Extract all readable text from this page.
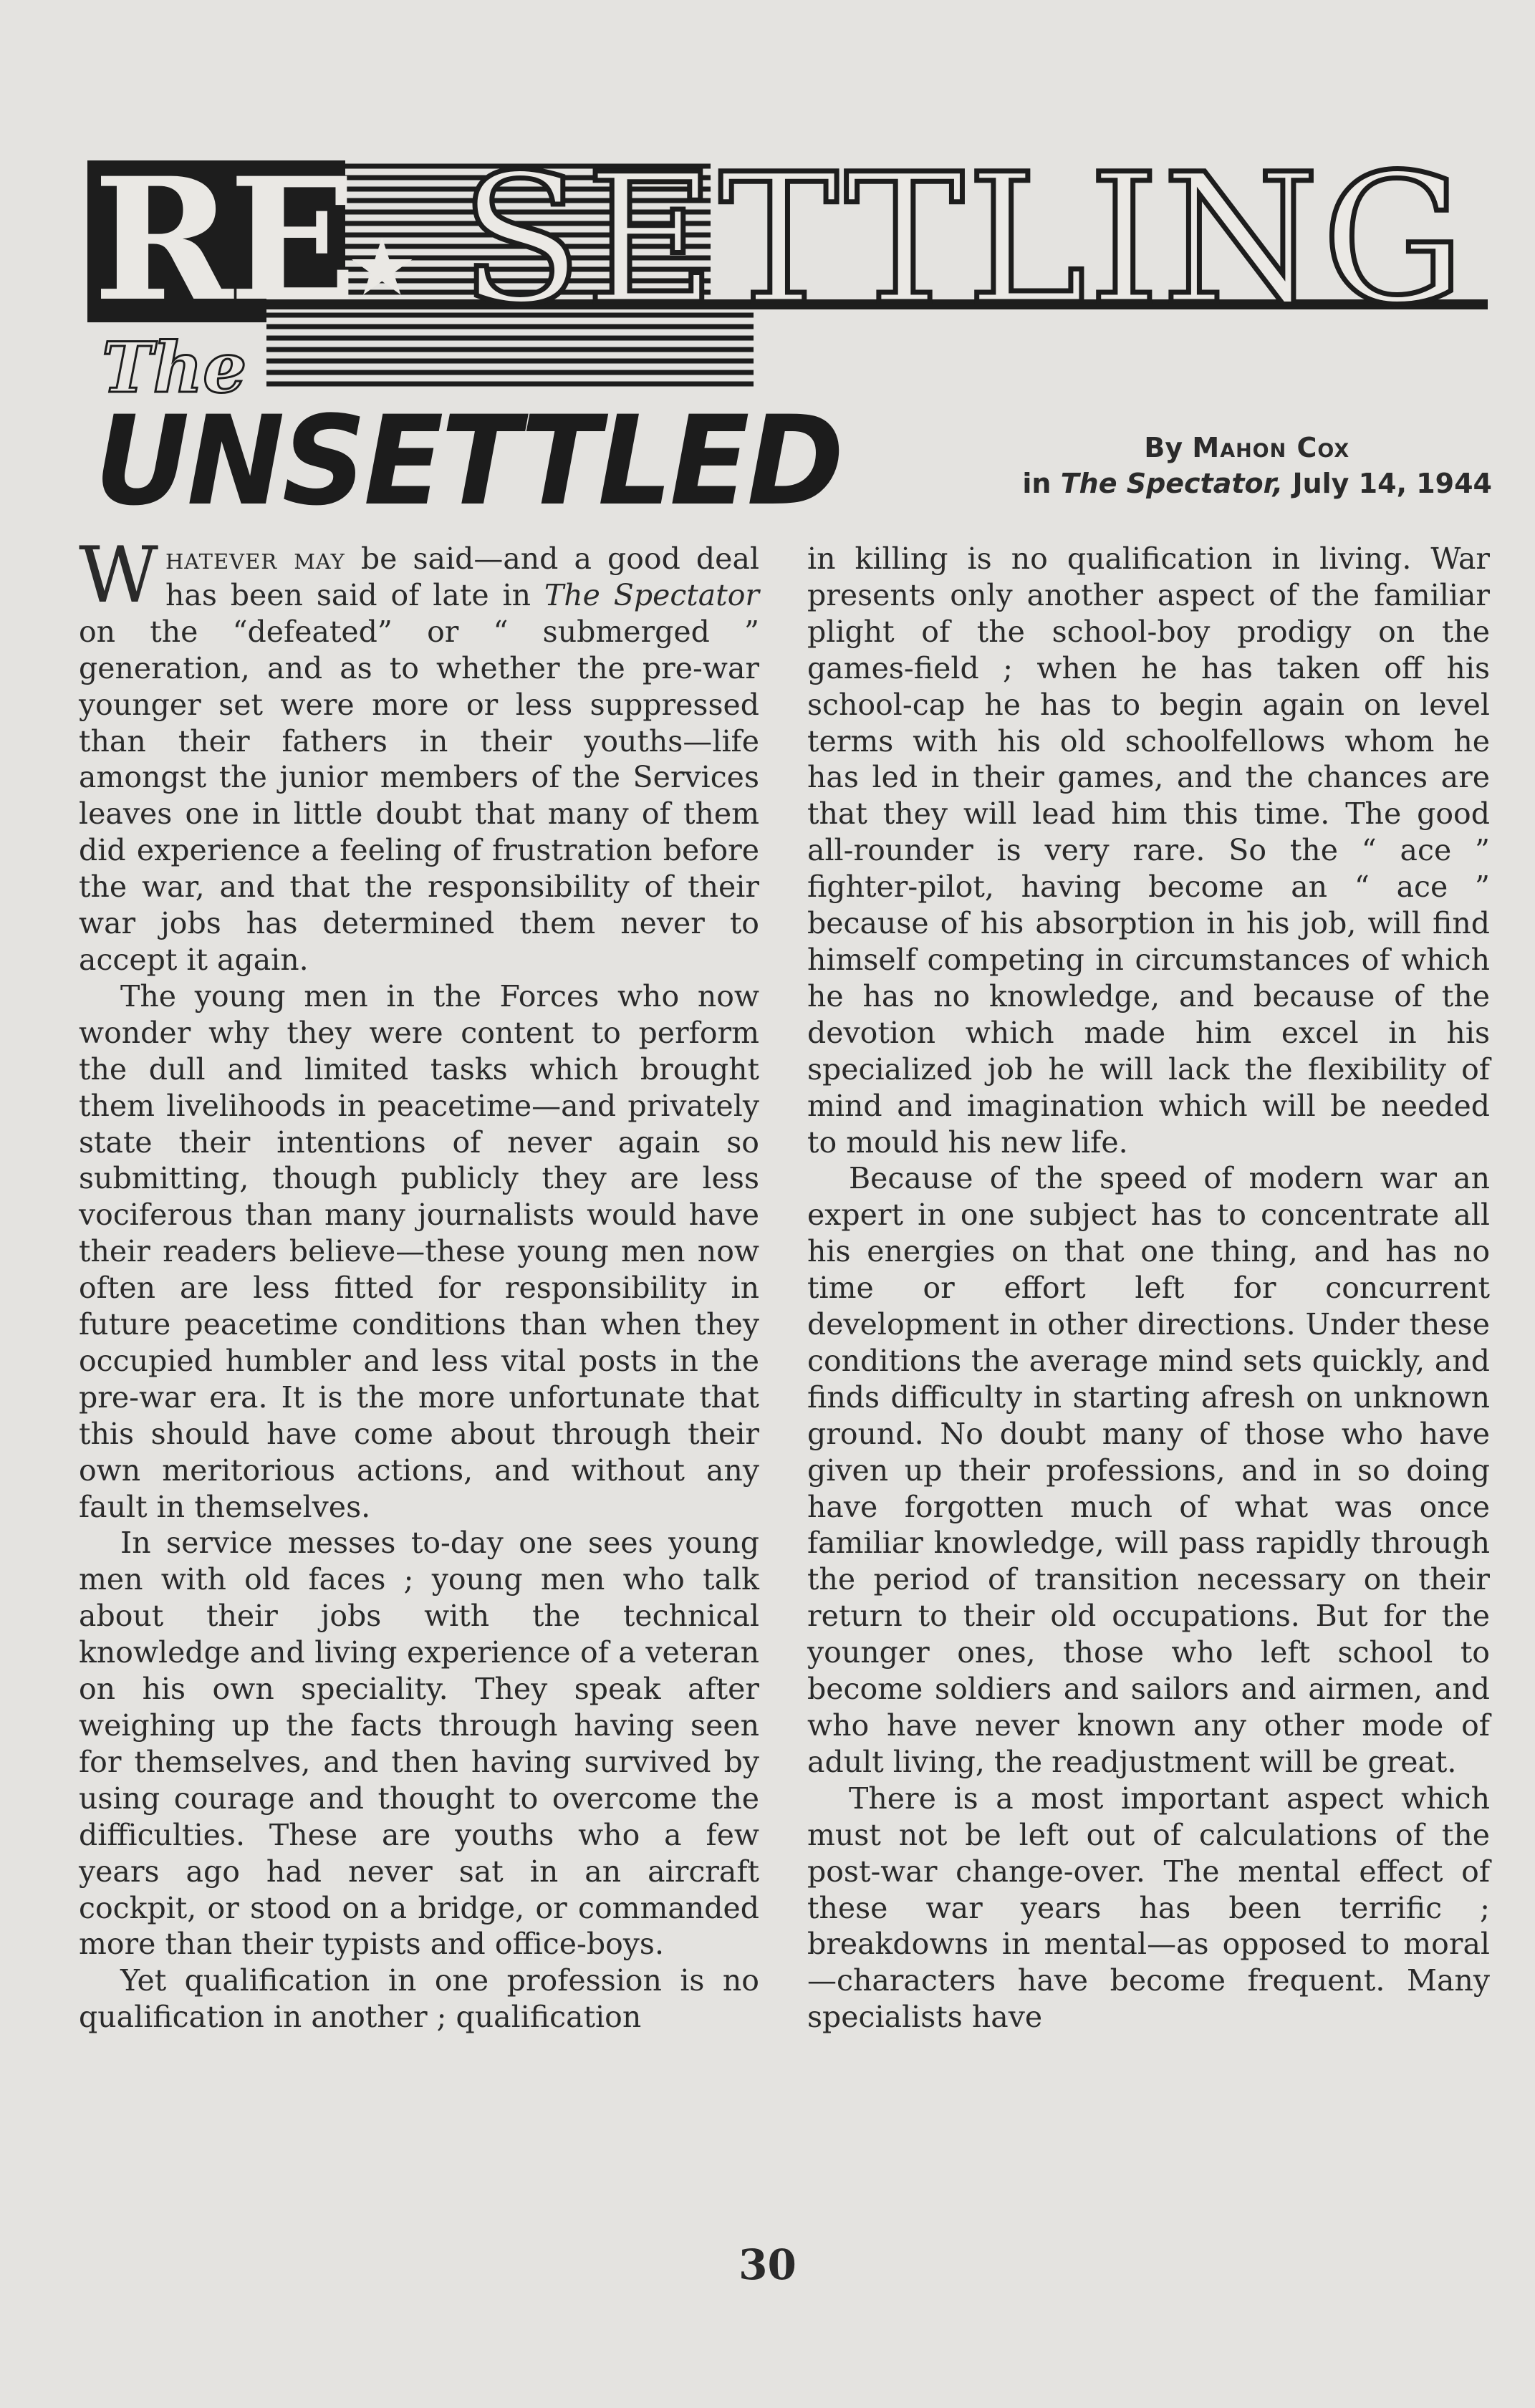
RE
★ SETTLING
The
UNSETTLED	By Mahon Cox
in The Spectator, July 14, 1944

Whatever may be said—and a good deal has been said of late in The Spectator on the “defeated” or “ submerged ” generation, and as to whether the pre-war younger set were more or less suppressed than their fathers in their youths—life amongst the junior members of the Services leaves one in little doubt that many of them did experience a feeling of frustration before the war, and that the responsibility of their war jobs has determined them never to accept it again.

The young men in the Forces who now wonder why they were content to perform the dull and limited tasks which brought them livelihoods in peacetime—and privately state their intentions of never again so submitting, though publicly they are less vociferous than many journalists would have their readers believe—these young men now often are less fitted for responsibility in future peacetime conditions than when they occupied humbler and less vital posts in the pre-war era. It is the more unfortunate that this should have come about through their own meritorious actions, and without any fault in themselves.

In service messes to-day one sees young men with old faces ; young men who talk about their jobs with the technical knowledge and living experience of a veteran on his own speciality. They speak after weighing up the facts through having seen for themselves, and then having survived by using courage and thought to overcome the difficulties. These are youths who a few years ago had never sat in an aircraft cockpit, or stood on a bridge, or commanded more than their typists and office-boys.

Yet qualification in one profession is no qualification in another ; qualification

in killing is no qualification in living. War presents only another aspect of the familiar plight of the school-boy prodigy on the games-field ; when he has taken off his school-cap he has to begin again on level terms with his old schoolfellows whom he has led in their games, and the chances are that they will lead him this time. The good all-rounder is very rare. So the “ ace ” fighter-pilot, having become an “ ace ” because of his absorption in his job, will find himself competing in circumstances of which he has no knowledge, and because of the devotion which made him excel in his specialized job he will lack the flexibility of mind and imagination which will be needed to mould his new life.

Because of the speed of modern war an expert in one subject has to concentrate all his energies on that one thing, and has no time or effort left for concurrent development in other directions. Under these conditions the average mind sets quickly, and finds difficulty in starting afresh on unknown ground. No doubt many of those who have given up their professions, and in so doing have forgotten much of what was once familiar knowledge, will pass rapidly through the period of transition necessary on their return to their old occupations. But for the younger ones, those who left school to become soldiers and sailors and airmen, and who have never known any other mode of adult living, the readjustment will be great.

There is a most important aspect which must not be left out of calculations of the post-war change-over. The mental effect of these war years has been terrific ; breakdowns in mental—as opposed to moral—characters have become frequent. Many specialists have

30
